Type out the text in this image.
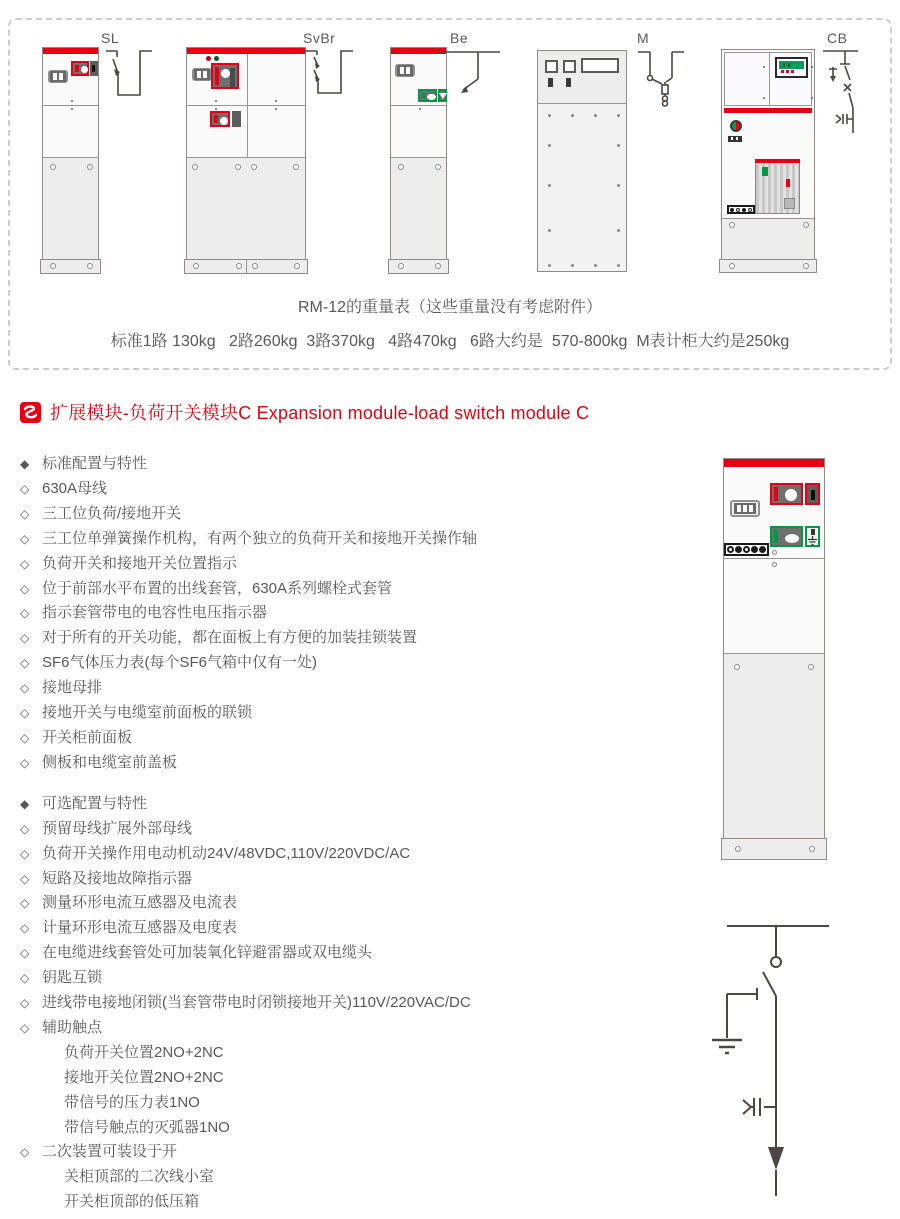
SL	SvBr	Be	M	CB
RM-12的重量表（这些重量没有考虑附件）
标准1路 130kg   2路260kg  3路370kg   4路470kg   6路大约是  570-800kg  M表计柜大约是250kg
扩展模块-负荷开关模块C Expansion module-load switch module C
◆ 标准配置与特性
◇ 630A母线
◇ 三工位负荷/接地开关
◇ 三工位单弹簧操作机构，有两个独立的负荷开关和接地开关操作轴
◇ 负荷开关和接地开关位置指示
◇ 位于前部水平布置的出线套管，630A系列螺栓式套管
◇ 指示套管带电的电容性电压指示器
◇ 对于所有的开关功能，都在面板上有方便的加装挂锁装置
◇ SF6气体压力表(每个SF6气箱中仅有一处)
◇ 接地母排
◇ 接地开关与电缆室前面板的联锁
◇ 开关柜前面板
◇ 侧板和电缆室前盖板
◆ 可选配置与特性
◇ 预留母线扩展外部母线
◇ 负荷开关操作用电动机动24V/48VDC,110V/220VDC/AC
◇ 短路及接地故障指示器
◇ 测量环形电流互感器及电流表
◇ 计量环形电流互感器及电度表
◇ 在电缆进线套管处可加装氧化锌避雷器或双电缆头
◇ 钥匙互锁
◇ 进线带电接地闭锁(当套管带电时闭锁接地开关)110V/220VAC/DC
◇ 辅助触点
负荷开关位置2NO+2NC
接地开关位置2NO+2NC
带信号的压力表1NO
带信号触点的灭弧器1NO
◇ 二次装置可装设于开
关柜顶部的二次线小室
开关柜顶部的低压箱
